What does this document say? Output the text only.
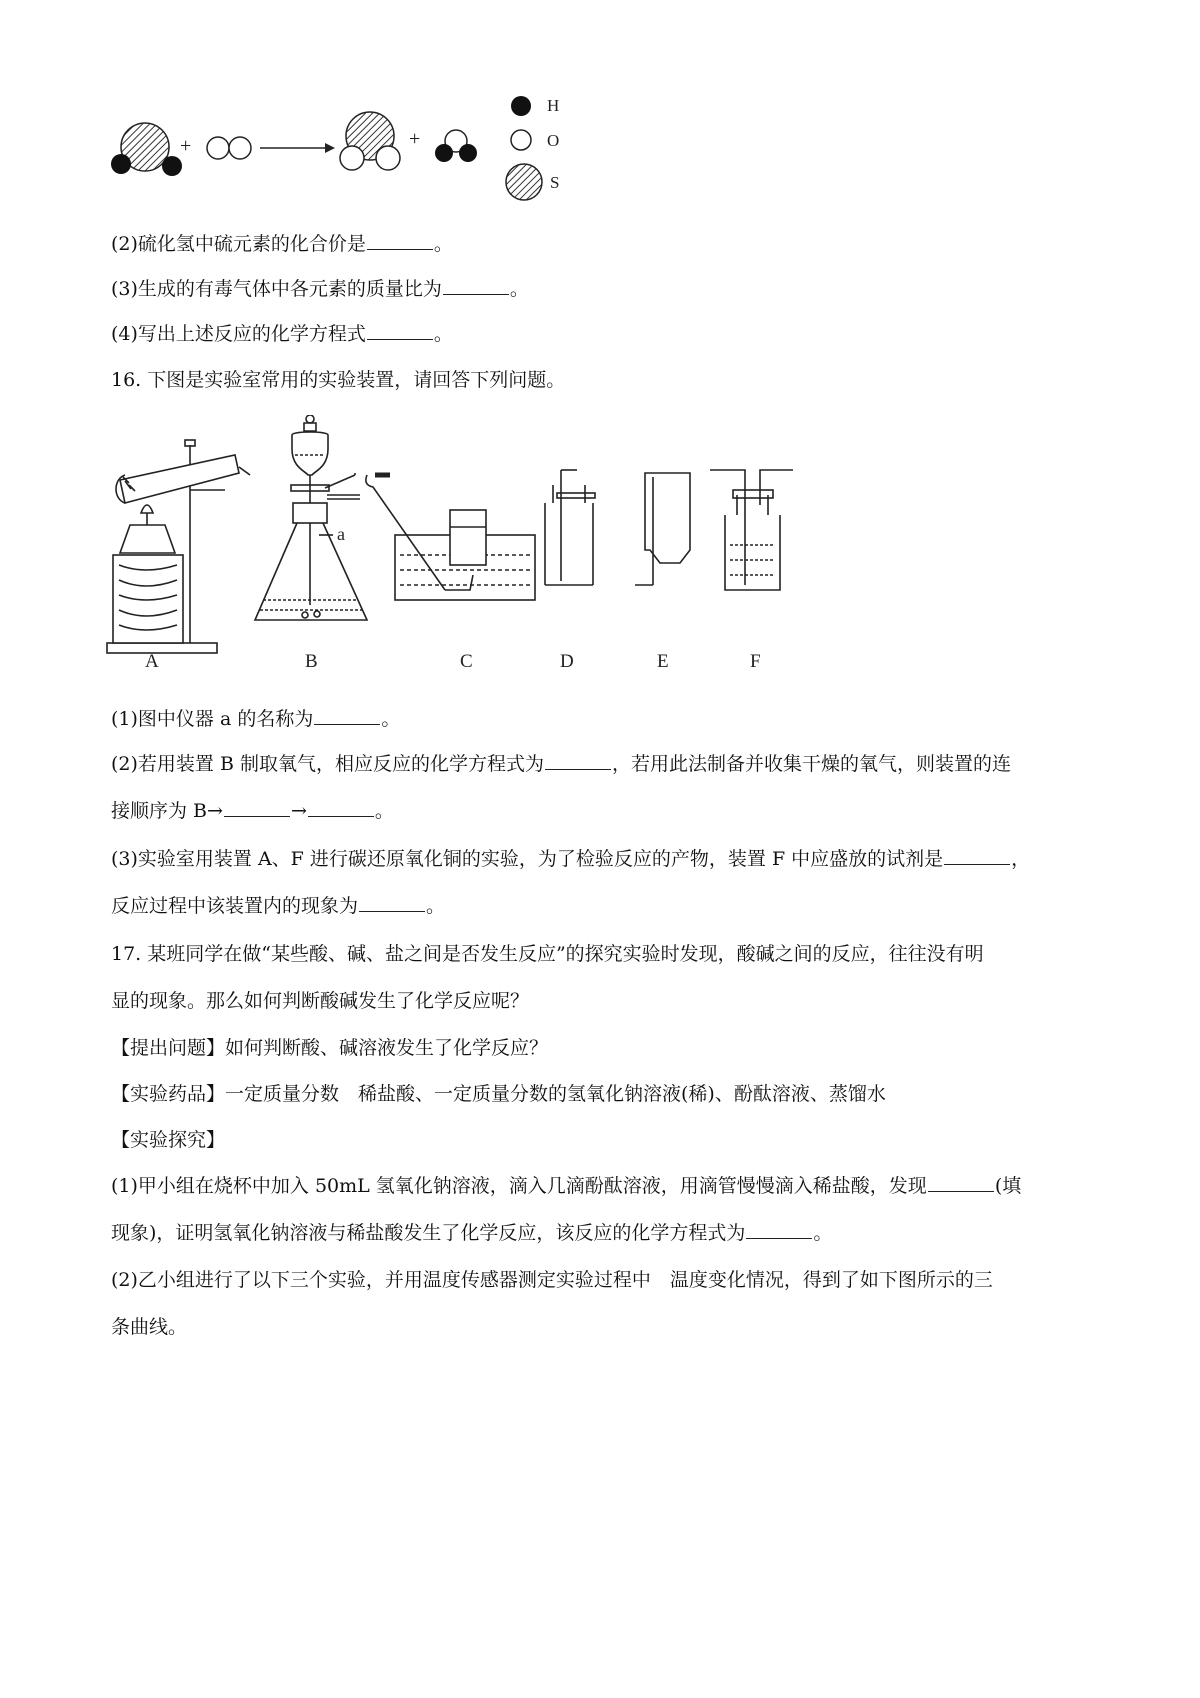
+	+
H
O
S
(2)硫化氢中硫元素的化合价是	。
(3)生成的有毒气体中各元素的质量比为	。
(4)写出上述反应的化学方程式	。
16. 下图是实验室常用的实验装置，请回答下列问题。
a
A	B	C	D	E	F
(1)图中仪器 a 的名称为	。
(2)若用装置 B 制取氧气，相应反应的化学方程式为	，若用此法制备并收集干燥的氧气，则装置的连
接顺序为 B→	→	。
(3)实验室用装置 A、F 进行碳还原氧化铜的实验，为了检验反应的产物，装置 F 中应盛放的试剂是	，
反应过程中该装置内的现象为	。
17. 某班同学在做“某些酸、碱、盐之间是否发生反应”的探究实验时发现，酸碱之间的反应，往往没有明
显的现象。那么如何判断酸碱发生了化学反应呢？
【提出问题】如何判断酸、碱溶液发生了化学反应？
【实验药品】一定质量分数　稀盐酸、一定质量分数的氢氧化钠溶液(稀)、酚酞溶液、蒸馏水
【实验探究】
(1)甲小组在烧杯中加入 50mL 氢氧化钠溶液，滴入几滴酚酞溶液，用滴管慢慢滴入稀盐酸，发现	(填
现象)，证明氢氧化钠溶液与稀盐酸发生了化学反应，该反应的化学方程式为	。
(2)乙小组进行了以下三个实验，并用温度传感器测定实验过程中　温度变化情况，得到了如下图所示的三
条曲线。
